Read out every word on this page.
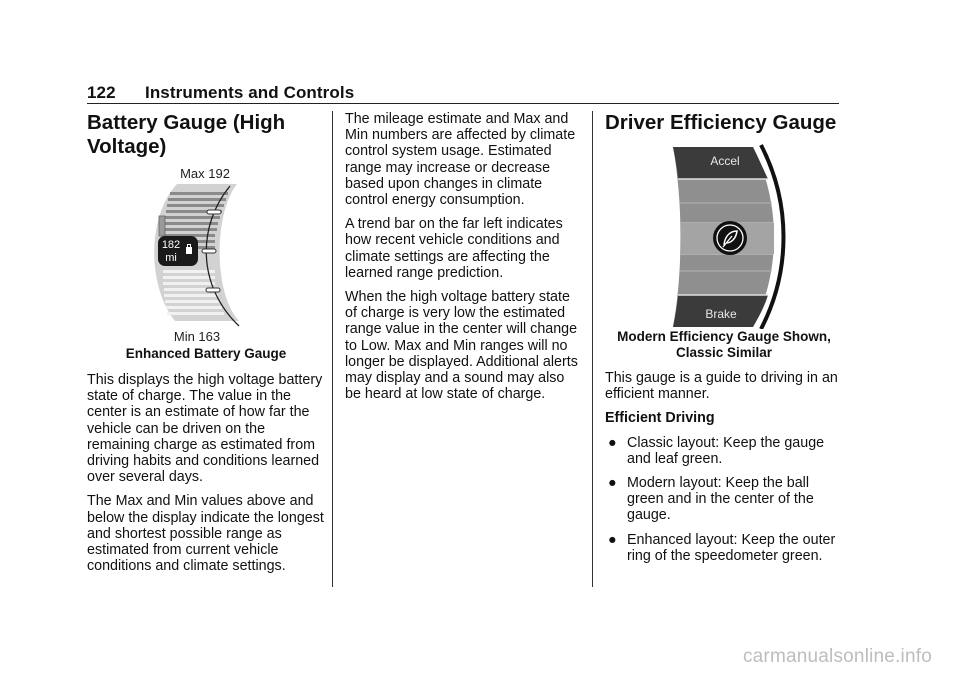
122 Instruments and Controls
Battery Gauge (High Voltage)
182
mi
Max 192
Min 163
Enhanced Battery Gauge

This displays the high voltage battery state of charge. The value in the center is an estimate of how far the vehicle can be driven on the remaining charge as estimated from driving habits and conditions learned over several days.

The Max and Min values above and below the display indicate the longest and shortest possible range as estimated from current vehicle conditions and climate settings.

The mileage estimate and Max and Min numbers are affected by climate control system usage. Estimated range may increase or decrease based upon changes in climate control energy consumption.

A trend bar on the far left indicates how recent vehicle conditions and climate settings are affecting the learned range prediction.

When the high voltage battery state of charge is very low the estimated range value in the center will change to Low. Max and Min ranges will no longer be displayed. Additional alerts may display and a sound may also be heard at low state of charge.

Driver Efficiency Gauge
Accel
Brake
Modern Efficiency Gauge Shown, Classic Similar

This gauge is a guide to driving in an efficient manner.

Efficient Driving

● Classic layout: Keep the gauge and leaf green.
● Modern layout: Keep the ball green and in the center of the gauge.
● Enhanced layout: Keep the outer ring of the speedometer green.
carmanualsonline.info
